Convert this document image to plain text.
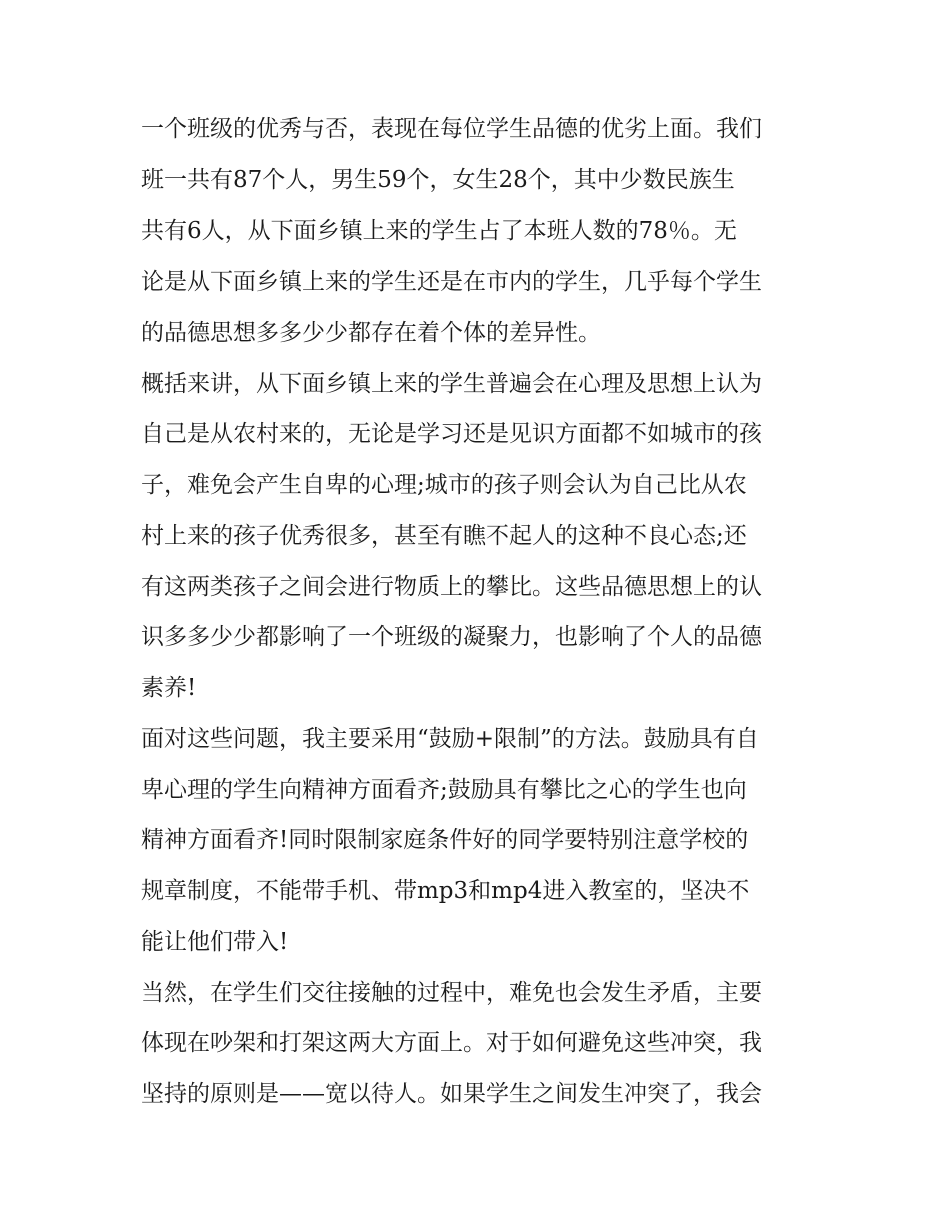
一个班级的优秀与否，表现在每位学生品德的优劣上面。我们
班一共有87个人，男生59个，女生28个，其中少数民族生
共有6人，从下面乡镇上来的学生占了本班人数的78％。无
论是从下面乡镇上来的学生还是在市内的学生，几乎每个学生
的品德思想多多少少都存在着个体的差异性。
概括来讲，从下面乡镇上来的学生普遍会在心理及思想上认为
自己是从农村来的，无论是学习还是见识方面都不如城市的孩
子，难免会产生自卑的心理;城市的孩子则会认为自己比从农
村上来的孩子优秀很多，甚至有瞧不起人的这种不良心态;还
有这两类孩子之间会进行物质上的攀比。这些品德思想上的认
识多多少少都影响了一个班级的凝聚力，也影响了个人的品德
素养!
面对这些问题，我主要采用“鼓励+限制”的方法。鼓励具有自
卑心理的学生向精神方面看齐;鼓励具有攀比之心的学生也向
精神方面看齐!同时限制家庭条件好的同学要特别注意学校的
规章制度，不能带手机、带mp3和mp4进入教室的，坚决不
能让他们带入!
当然，在学生们交往接触的过程中，难免也会发生矛盾，主要
体现在吵架和打架这两大方面上。对于如何避免这些冲突，我
坚持的原则是——宽以待人。如果学生之间发生冲突了，我会
